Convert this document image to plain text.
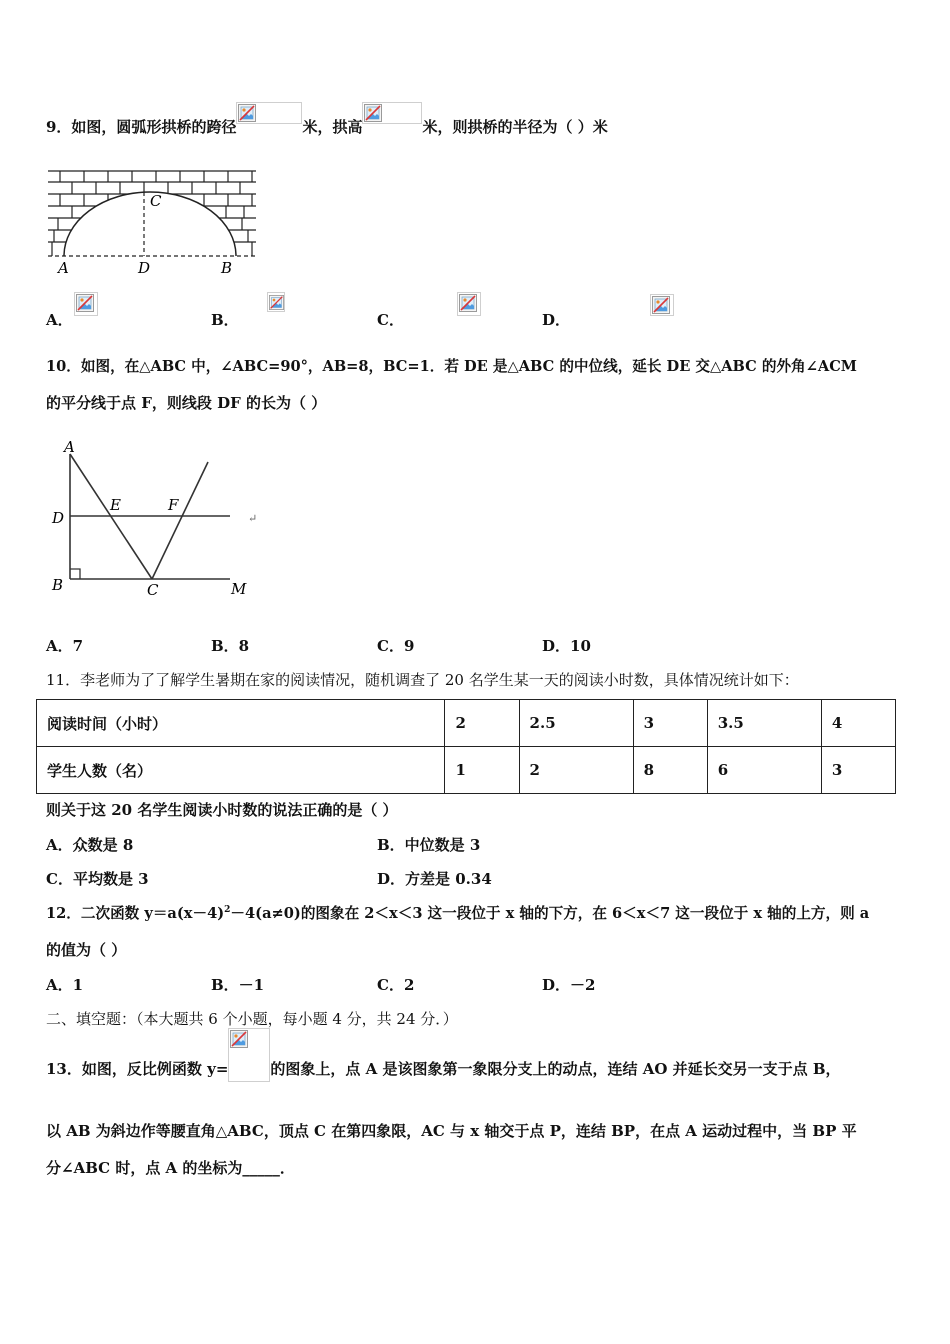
9．如图，圆弧形拱桥的跨径	米，拱高	米，则拱桥的半径为（ ）米
C
A	D	B
A．
	B．
	C．
	D．
10．如图，在△ABC 中，∠ABC=90°，AB=8，BC=1．若 DE 是△ABC 的中位线，延长 DE 交△ABC 的外角∠ACM
的平分线于点 F，则线段 DF 的长为（ ）
A
D
E	F
B	C	M
↵
A．7	B．8	C．9	D．10
11．李老师为了了解学生暑期在家的阅读情况，随机调查了 20 名学生某一天的阅读小时数，具体情况统计如下：
阅读时间（小时）	2	2.5	3	3.5	4
学生人数（名）	1	2	8	6	3
则关于这 20 名学生阅读小时数的说法正确的是（ ）
A．众数是 8	B．中位数是 3
C．平均数是 3	D．方差是 0.34
12．二次函数 $y=a(x-4)^2-4(a\ne 0)$的图象在 2＜x＜3 这一段位于 x 轴的下方，在 6＜x＜7 这一段位于 x 轴的上方，则 a
的值为（ ）
A．1	B．－1	C．2	D．－2
二、填空题：（本大题共 6 个小题，每小题 4 分，共 24 分．）
13．如图，反比例函数 y=	的图象上，点 A 是该图象第一象限分支上的动点，连结 AO 并延长交另一支于点 B，
以 AB 为斜边作等腰直角△ABC，顶点 C 在第四象限，AC 与 x 轴交于点 P，连结 BP，在点 A 运动过程中，当 BP 平
分∠ABC 时，点 A 的坐标为_____．
